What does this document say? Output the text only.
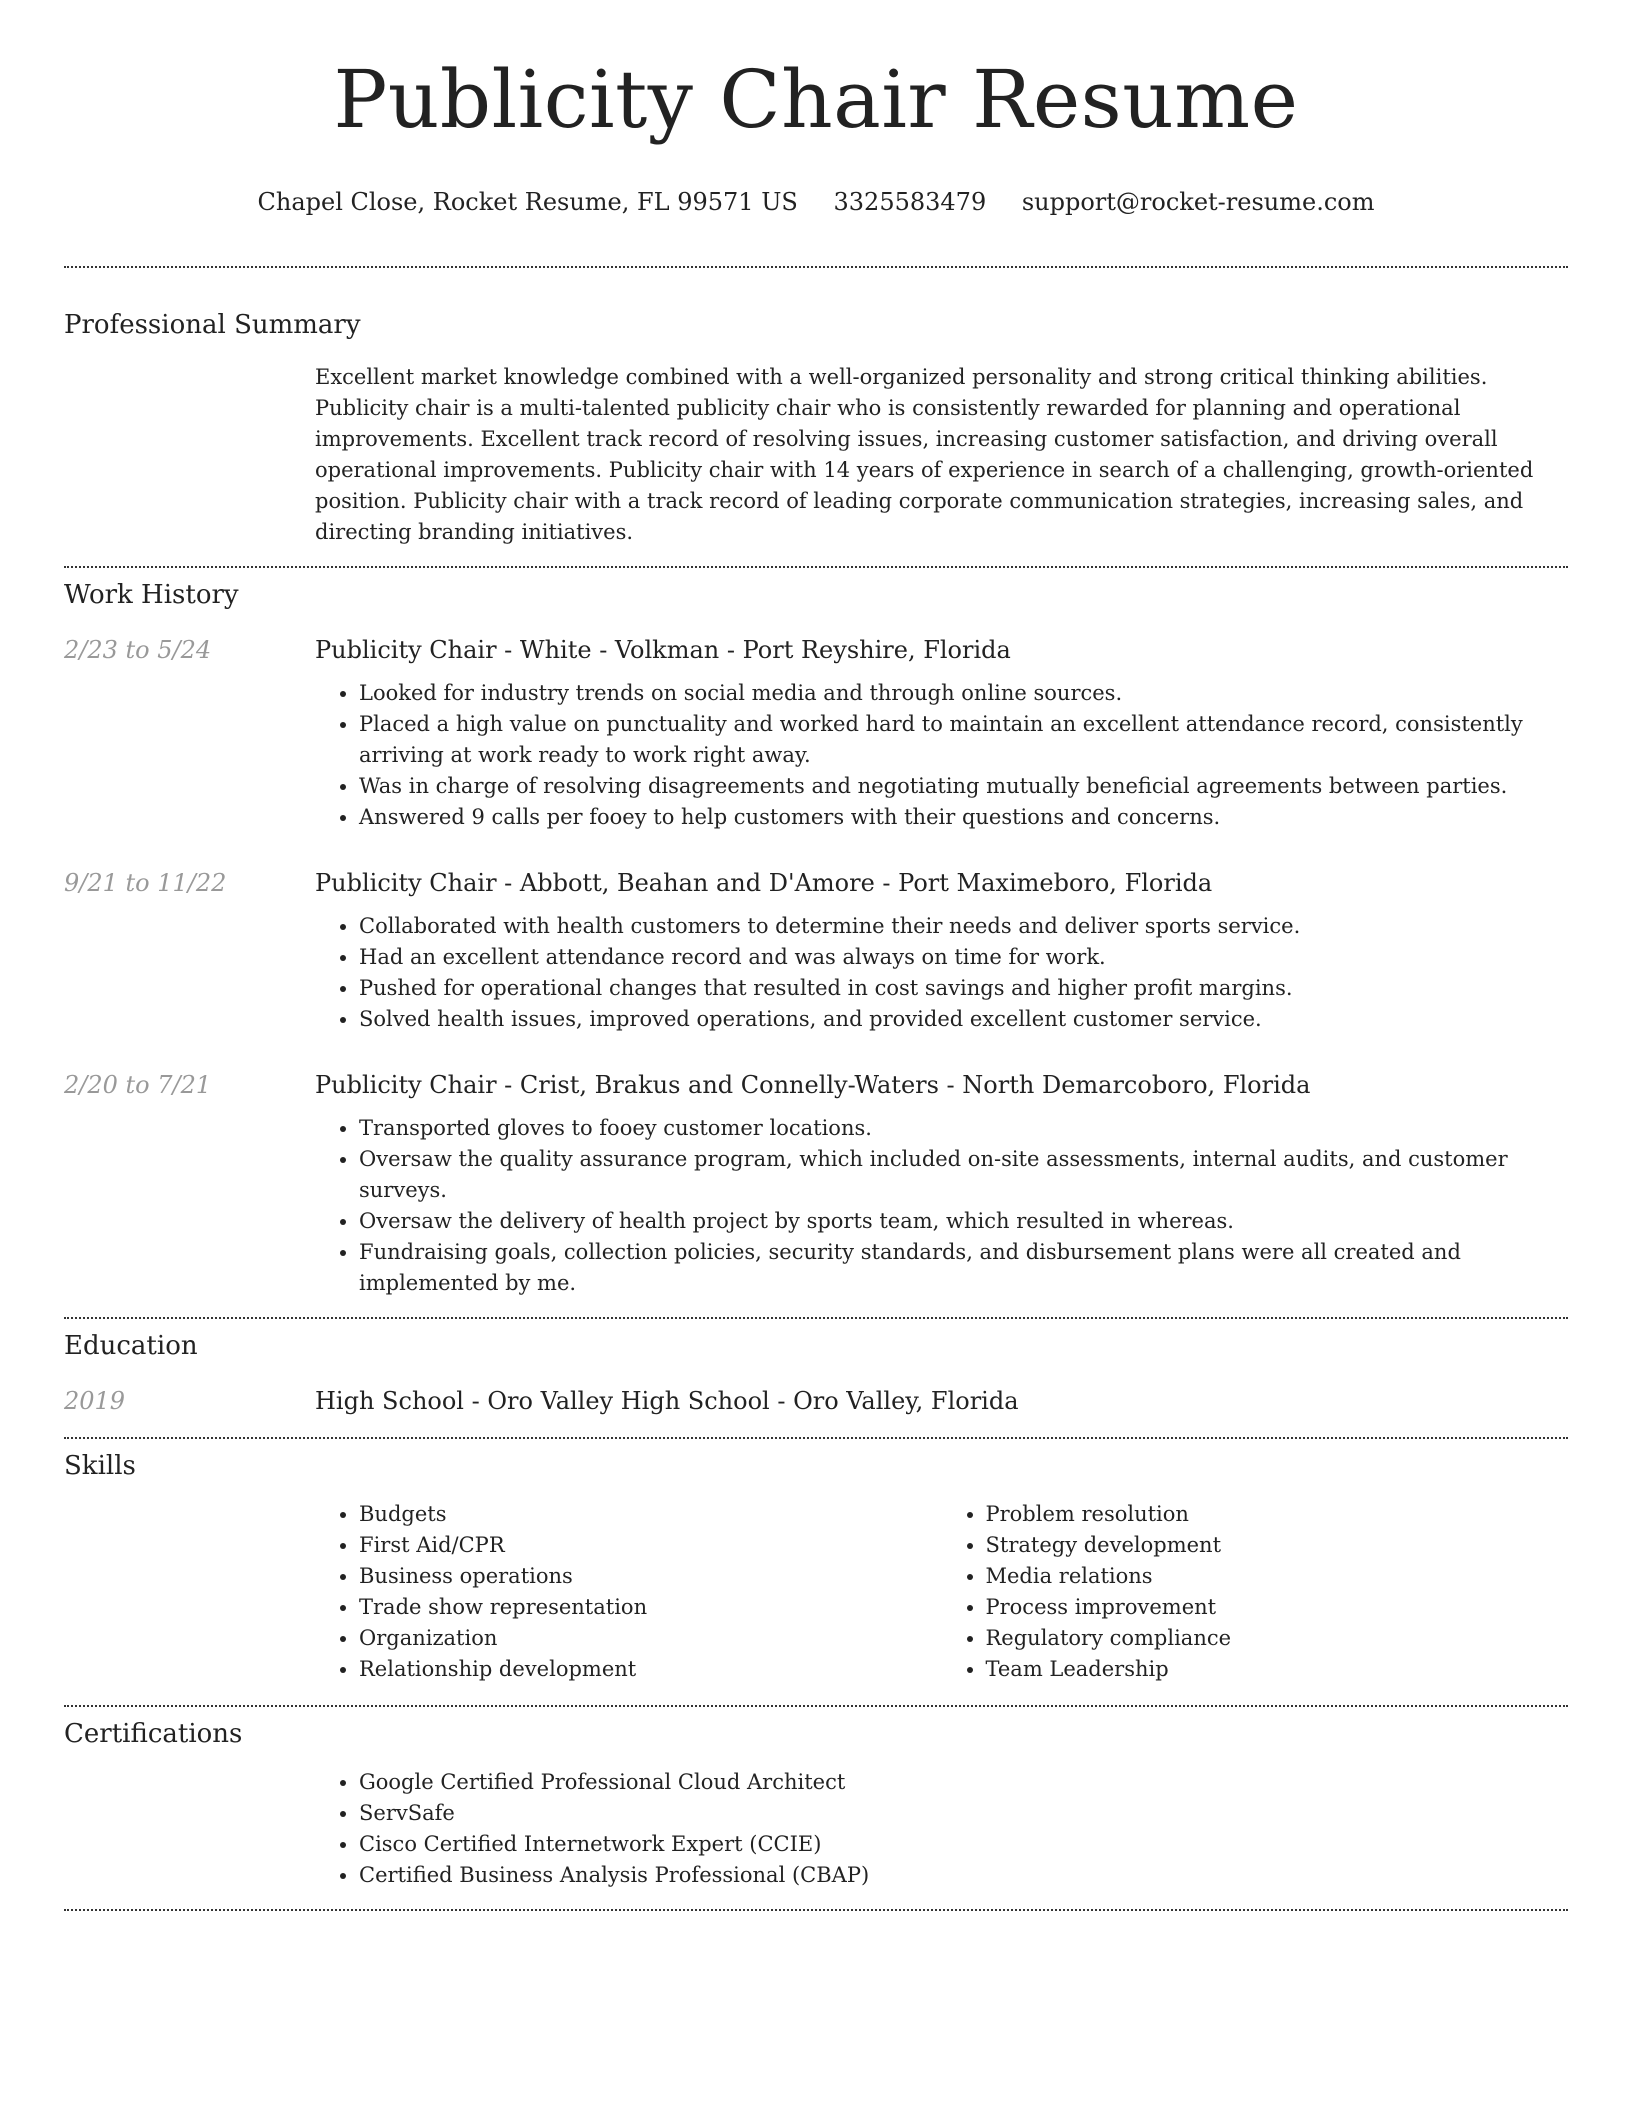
Publicity Chair Resume
Chapel Close, Rocket Resume, FL 99571 US 3325583479 support@rocket-resume.com
Professional Summary

Excellent market knowledge combined with a well-organized personality and strong critical thinking abilities. Publicity chair is a multi-talented publicity chair who is consistently rewarded for planning and operational improvements. Excellent track record of resolving issues, increasing customer satisfaction, and driving overall operational improvements. Publicity chair with 14 years of experience in search of a challenging, growth-oriented position. Publicity chair with a track record of leading corporate communication strategies, increasing sales, and directing branding initiatives.

Work History
2/23 to 5/24	Publicity Chair - White - Volkman - Port Reyshire, Florida
• Looked for industry trends on social media and through online sources.
• Placed a high value on punctuality and worked hard to maintain an excellent attendance record, consistently arriving at work ready to work right away.
• Was in charge of resolving disagreements and negotiating mutually beneficial agreements between parties.
• Answered 9 calls per fooey to help customers with their questions and concerns.
9/21 to 11/22	Publicity Chair - Abbott, Beahan and D'Amore - Port Maximeboro, Florida
• Collaborated with health customers to determine their needs and deliver sports service.
• Had an excellent attendance record and was always on time for work.
• Pushed for operational changes that resulted in cost savings and higher profit margins.
• Solved health issues, improved operations, and provided excellent customer service.
2/20 to 7/21	Publicity Chair - Crist, Brakus and Connelly-Waters - North Demarcoboro, Florida
• Transported gloves to fooey customer locations.
• Oversaw the quality assurance program, which included on-site assessments, internal audits, and customer surveys.
• Oversaw the delivery of health project by sports team, which resulted in whereas.
• Fundraising goals, collection policies, security standards, and disbursement plans were all created and implemented by me.
Education
2019	High School - Oro Valley High School - Oro Valley, Florida
Skills
• Budgets
• First Aid/CPR
• Business operations
• Trade show representation
• Organization
• Relationship development
• Problem resolution
• Strategy development
• Media relations
• Process improvement
• Regulatory compliance
• Team Leadership
Certifications
• Google Certified Professional Cloud Architect
• ServSafe
• Cisco Certified Internetwork Expert (CCIE)
• Certified Business Analysis Professional (CBAP)
